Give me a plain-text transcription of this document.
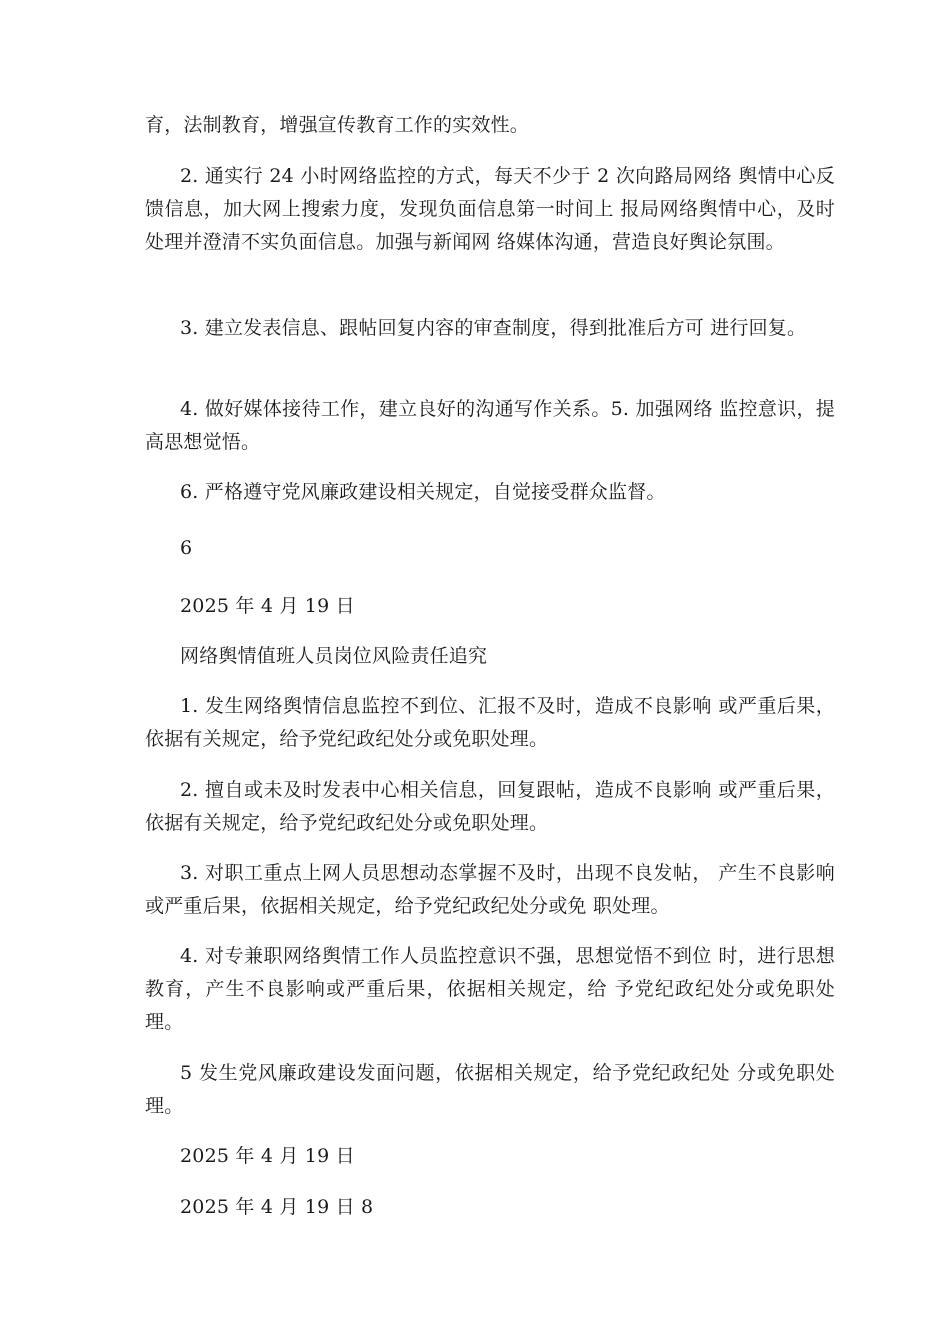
育，法制教育，增强宣传教育工作的实效性。

2. 通实行 24 小时网络监控的方式，每天不少于 2 次向路局网络 舆情中心反馈信息，加大网上搜索力度，发现负面信息第一时间上 报局网络舆情中心，及时处理并澄清不实负面信息。加强与新闻网 络媒体沟通，营造良好舆论氛围。

3. 建立发表信息、跟帖回复内容的审查制度，得到批准后方可 进行回复。

4. 做好媒体接待工作，建立良好的沟通写作关系。5. 加强网络 监控意识，提高思想觉悟。

6. 严格遵守党风廉政建设相关规定，自觉接受群众监督。

6

2025 年 4 月 19 日

网络舆情值班人员岗位风险责任追究

1. 发生网络舆情信息监控不到位、汇报不及时，造成不良影响 或严重后果，依据有关规定，给予党纪政纪处分或免职处理。

2. 擅自或未及时发表中心相关信息，回复跟帖，造成不良影响 或严重后果，依据有关规定，给予党纪政纪处分或免职处理。

3. 对职工重点上网人员思想动态掌握不及时，出现不良发帖， 产生不良影响或严重后果，依据相关规定，给予党纪政纪处分或免 职处理。

4. 对专兼职网络舆情工作人员监控意识不强，思想觉悟不到位 时，进行思想教育，产生不良影响或严重后果，依据相关规定，给 予党纪政纪处分或免职处理。

5 发生党风廉政建设发面问题，依据相关规定，给予党纪政纪处 分或免职处理。

2025 年 4 月 19 日

2025 年 4 月 19 日 8
